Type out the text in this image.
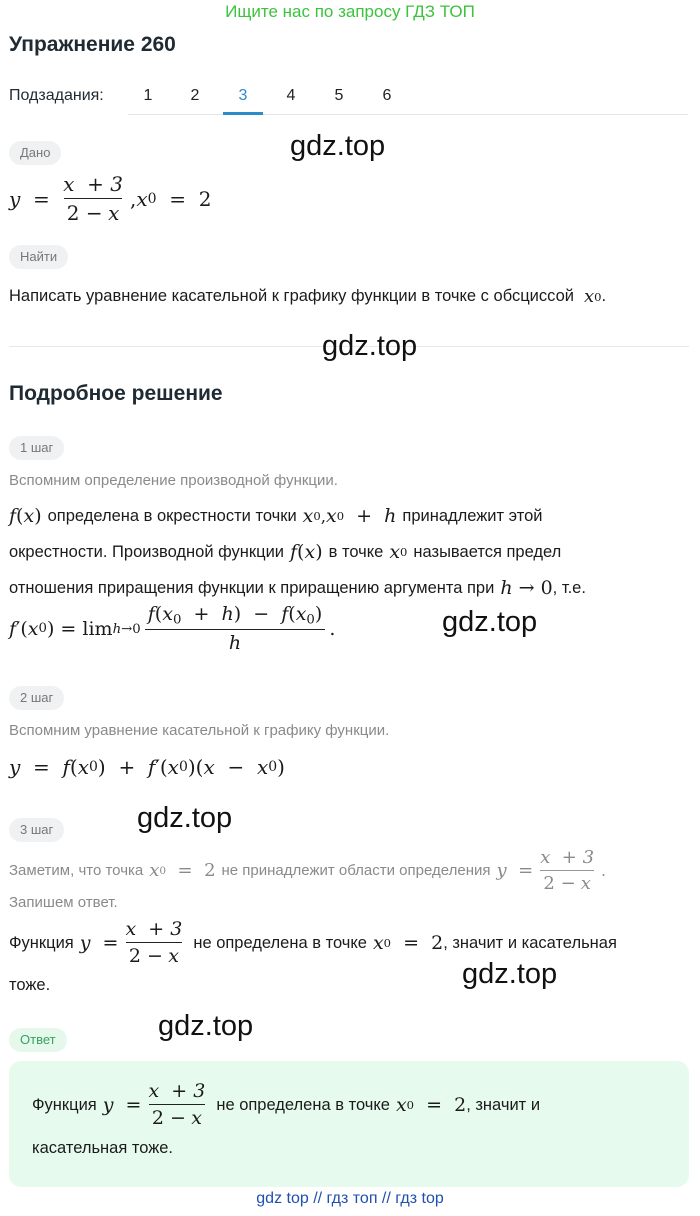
Ищите нас по запросу ГДЗ ТОП
Упражнение 260
Подзадания:	1	2	3	4	5	6
Дано	gdz.top
$y = \frac{x + 3}{2 - x}$ , x 0 =  2
Найти
Написать уравнение касательной к графику функции в точке с обсциссой x 0 .
gdz.top
Подробное решение
1 шаг
Вспомним определение производной функции.
f ( x ) определена в окрестности точки x 0 , x 0 + h принадлежит этой
окрестности. Производной функции f ( x ) в точке x 0 называется предел
отношения приращения функции к приращению аргумента при h → 0 , т.е.
f ′( x 0 ) = $\lim h\to 0 \frac{f(x_0 + h) - f(x_0)}{h}$ .	gdz.top
2 шаг
Вспомним уравнение касательной к графику функции.
y = f ( x 0 )  + f ′( x 0 )( x − x 0 )
3 шаг	gdz.top
Заметим, что точка x 0 =  2 не принадлежит области определения $y = \frac{x + 3}{2 - x}$ .
Запишем ответ.
Функция $y = \frac{x + 3}{2 - x}$ не определена в точке x 0 =  2 , значит и касательная
тоже.	gdz.top
gdz.top
Ответ
Функция $y = \frac{x + 3}{2 - x}$ не определена в точке x 0 =  2 , значит и
касательная тоже.
gdz top // гдз топ // гдз top
